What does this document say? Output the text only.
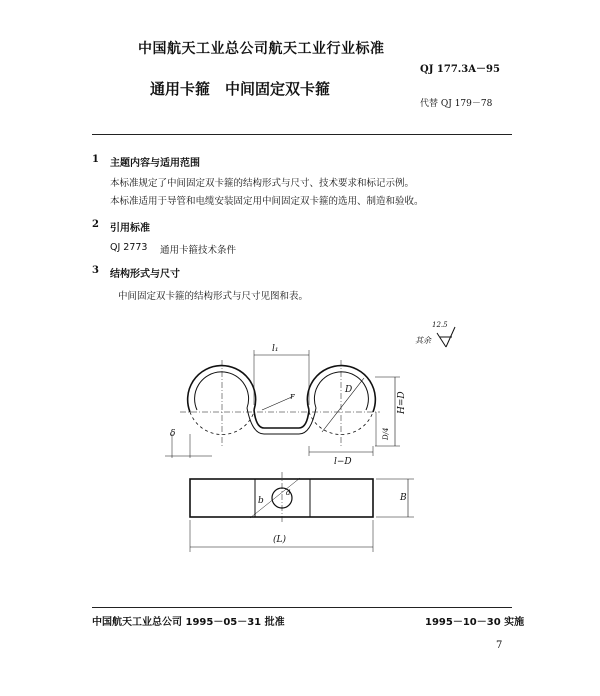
中国航天工业总公司航天工业行业标准
QJ 177.3A－95
通用卡箍　中间固定双卡箍
代替 QJ 179－78
1 主题内容与适用范围
本标准规定了中间固定双卡箍的结构形式与尺寸、技术要求和标记示例。
本标准适用于导管和电缆安装固定用中间固定双卡箍的选用、制造和验收。
2 引用标准
QJ 2773 通用卡箍技术条件
3 结构形式与尺寸
中间固定双卡箍的结构形式与尺寸见图和表。
12.5
其余
l₁
r
D
H=D
D/4
l−D
δ
b	B
(L)
d
中国航天工业总公司 1995－05－31 批准	1995－10－30 实施
7
